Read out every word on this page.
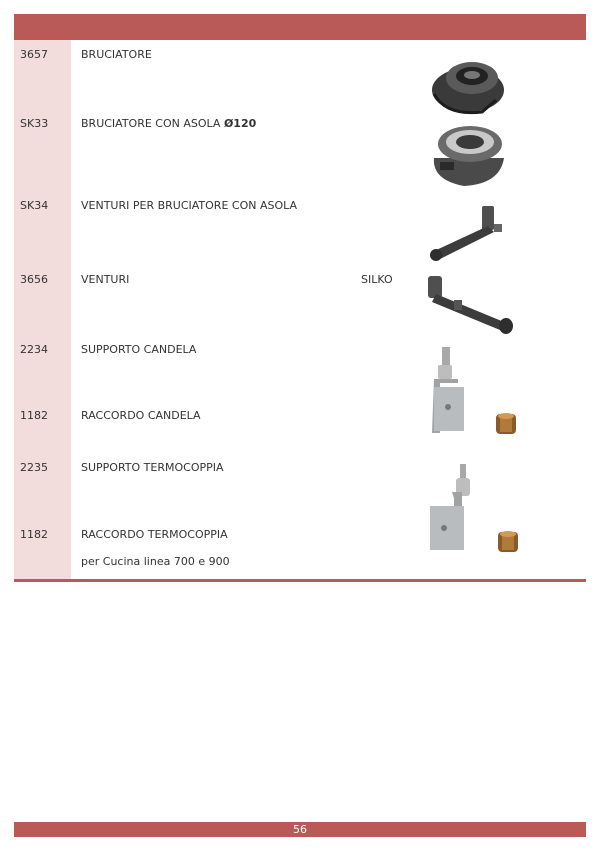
3657	BRUCIATORE
SK33	BRUCIATORE CON ASOLA Ø120
SK34	VENTURI PER BRUCIATORE CON ASOLA
3656	VENTURI	SILKO
2234	SUPPORTO CANDELA
1182	RACCORDO CANDELA
2235	SUPPORTO TERMOCOPPIA
1182	RACCORDO TERMOCOPPIA
per Cucina linea 700 e 900
56
